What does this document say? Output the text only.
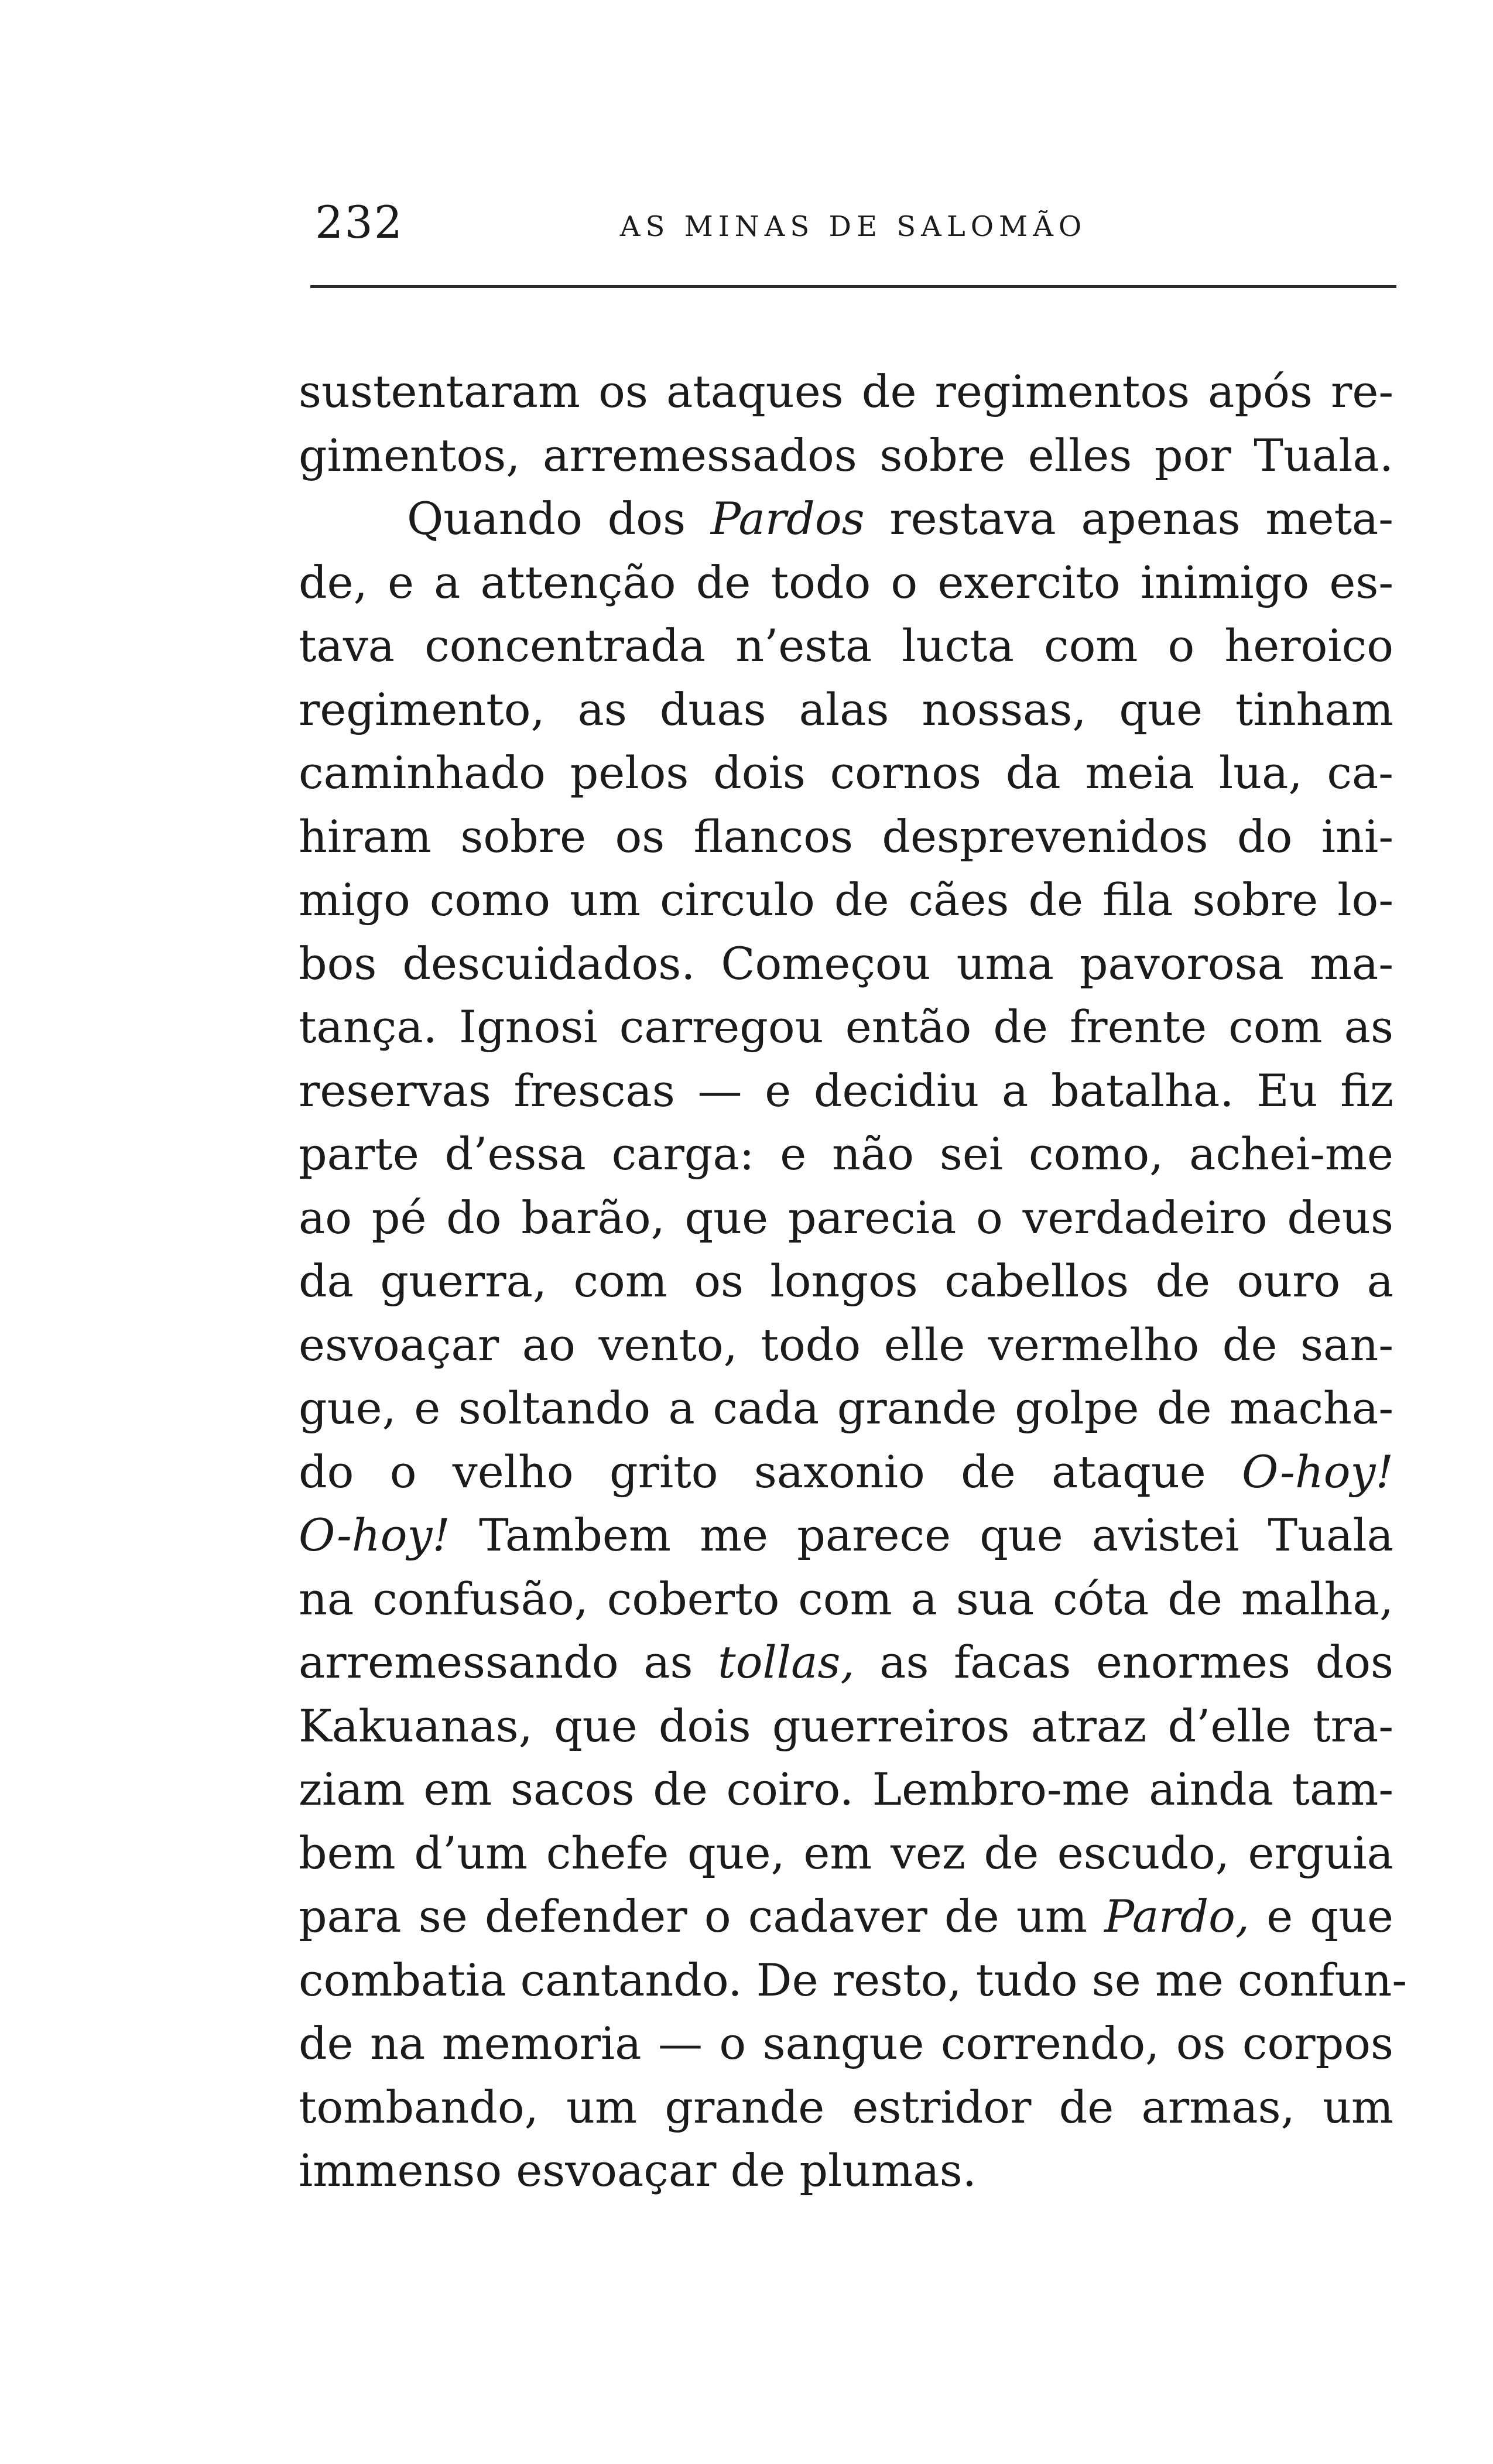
232	AS MINAS DE SALOMÃO
sustentaram os ataques de regimentos após re-
gimentos, arremessados sobre elles por Tuala.
Quando dos Pardos restava apenas meta-
de, e a attenção de todo o exercito inimigo es-
tava concentrada n’esta lucta com o heroico
regimento, as duas alas nossas, que tinham
caminhado pelos dois cornos da meia lua, ca-
hiram sobre os flancos desprevenidos do ini-
migo como um circulo de cães de fila sobre lo-
bos descuidados. Começou uma pavorosa ma-
tança. Ignosi carregou então de frente com as
reservas frescas — e decidiu a batalha. Eu fiz
parte d’essa carga: e não sei como, achei-me
ao pé do barão, que parecia o verdadeiro deus
da guerra, com os longos cabellos de ouro a
esvoaçar ao vento, todo elle vermelho de san-
gue, e soltando a cada grande golpe de macha-
do o velho grito saxonio de ataque O-hoy!
O-hoy! Tambem me parece que avistei Tuala
na confusão, coberto com a sua cóta de malha,
arremessando as tollas, as facas enormes dos
Kakuanas, que dois guerreiros atraz d’elle tra-
ziam em sacos de coiro. Lembro-me ainda tam-
bem d’um chefe que, em vez de escudo, erguia
para se defender o cadaver de um Pardo, e que
combatia cantando. De resto, tudo se me confun-
de na memoria — o sangue correndo, os corpos
tombando, um grande estridor de armas, um
immenso esvoaçar de plumas.
